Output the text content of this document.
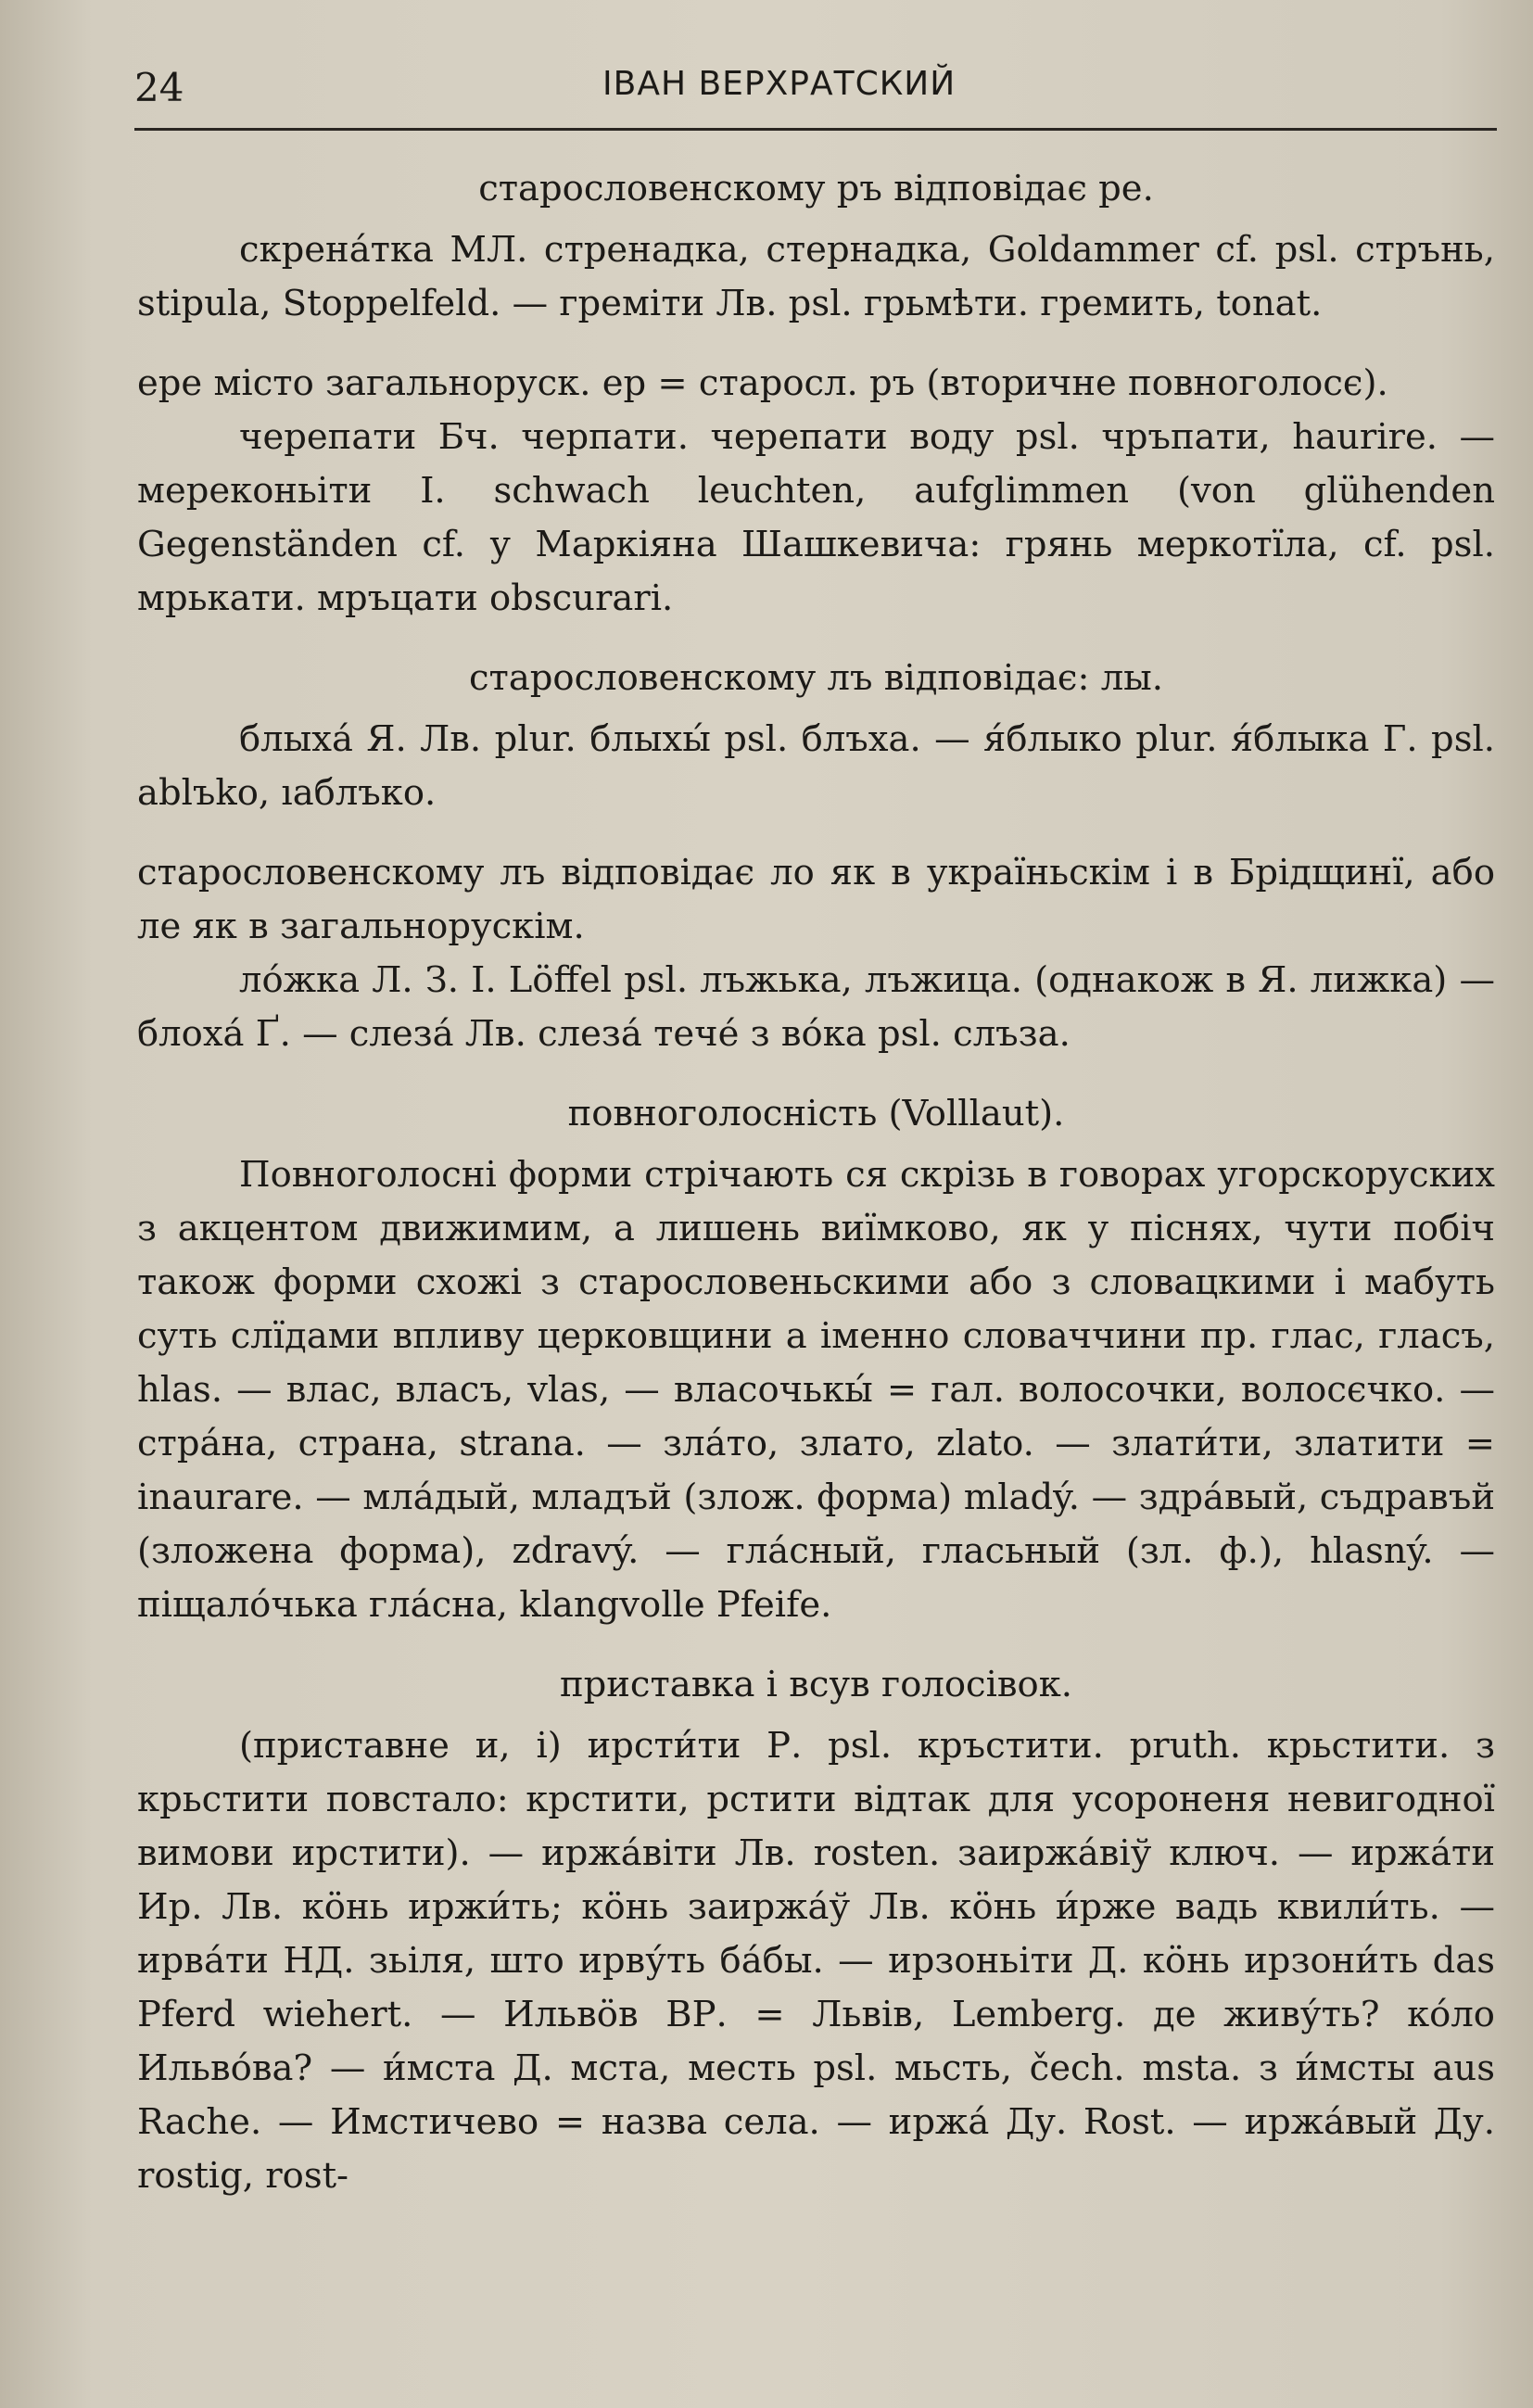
24	ІВАН ВЕРХРАТСКИЙ
старословенскому ръ відповідає ре.

скрена́тка МЛ. стренадка, стернадка, Goldammer cf. psl. стрънь, stipula, Stoppelfeld. — греміти Лв. psl. грьмѣти. гремить, tonat.

ере місто загальноруск. ер = старосл. ръ (вторичне повноголосє).

черепати Бч. черпати. черепати воду psl. чръпати, haurire. — мереконьіти I. schwach leuchten, aufglimmen (von glühenden Gegenständen cf. у Маркіяна Шашкевича: грянь меркотїла, cf. psl. мрькати. мръцати obscurari.

старословенскому лъ відповідає: лы.

блыха́ Я. Лв. plur. блыхы́ psl. блъха. — я́блыко plur. я́блыка Г. psl. ablъko, ıаблъко.

старословенскому лъ відповідає ло як в україньскім і в Брідщинї, або ле як в загальнорускім.

ло́жка Л. З. І. Löffel psl. лъжька, лъжица. (однакож в Я. лижка) — блоха́ Ґ. — слеза́ Лв. слеза́ тече́ з во́ка psl. слъза.

повноголосність (Volllaut).

Повноголосні форми стрічають ся скрізь в говорах угорскорускиx з акцентом движимим, а лишень виїмково, як у піснях, чути побіч також форми схожі з старословеньскими або з словацкими і мабуть суть слїдами впливу церковщини а іменно словаччини пр. глас, гласъ, hlas. — влас, власъ, vlas, — власочькы́ = гал. волосочки, волосєчко. — стра́на, страна, strana. — зла́то, злато, zlato. — злати́ти, златити = inaurare. — мла́дый, младъй (злож. форма) mladý. — здра́вый, съдравъй (зложена форма), zdravý. — гла́сный, гласьный (зл. ф.), hlasný. — піщало́чька гла́сна, klangvolle Pfeife.

приставка і всув голосівок.

(приставне и, і) ирсти́ти Р. psl. кръстити. pruth. крьстити. з крьстити повстало: крстити, рстити відтак для усороненя невигодної вимови ирстити). — иржа́віти Лв. rosten. заиржа́віў ключ. — иржа́ти Ир. Лв. кӧнь иржи́ть; кӧнь заиржа́ў Лв. кӧнь и́рже вадь квили́ть. — ирва́ти НД. зьіля, што ирву́ть ба́бы. — ирзоньіти Д. кӧнь ирзони́ть das Pferd wiehert. — Ильвӧв ВР. = Львів, Lemberg. де живу́ть? ко́ло Ильво́ва? — и́мста Д. мста, месть psl. мьсть, čech. msta. з и́мсты aus Rache. — Имстичево = назва села. — иржа́ Ду. Rost. — иржа́вый Ду. rostig, rost-
